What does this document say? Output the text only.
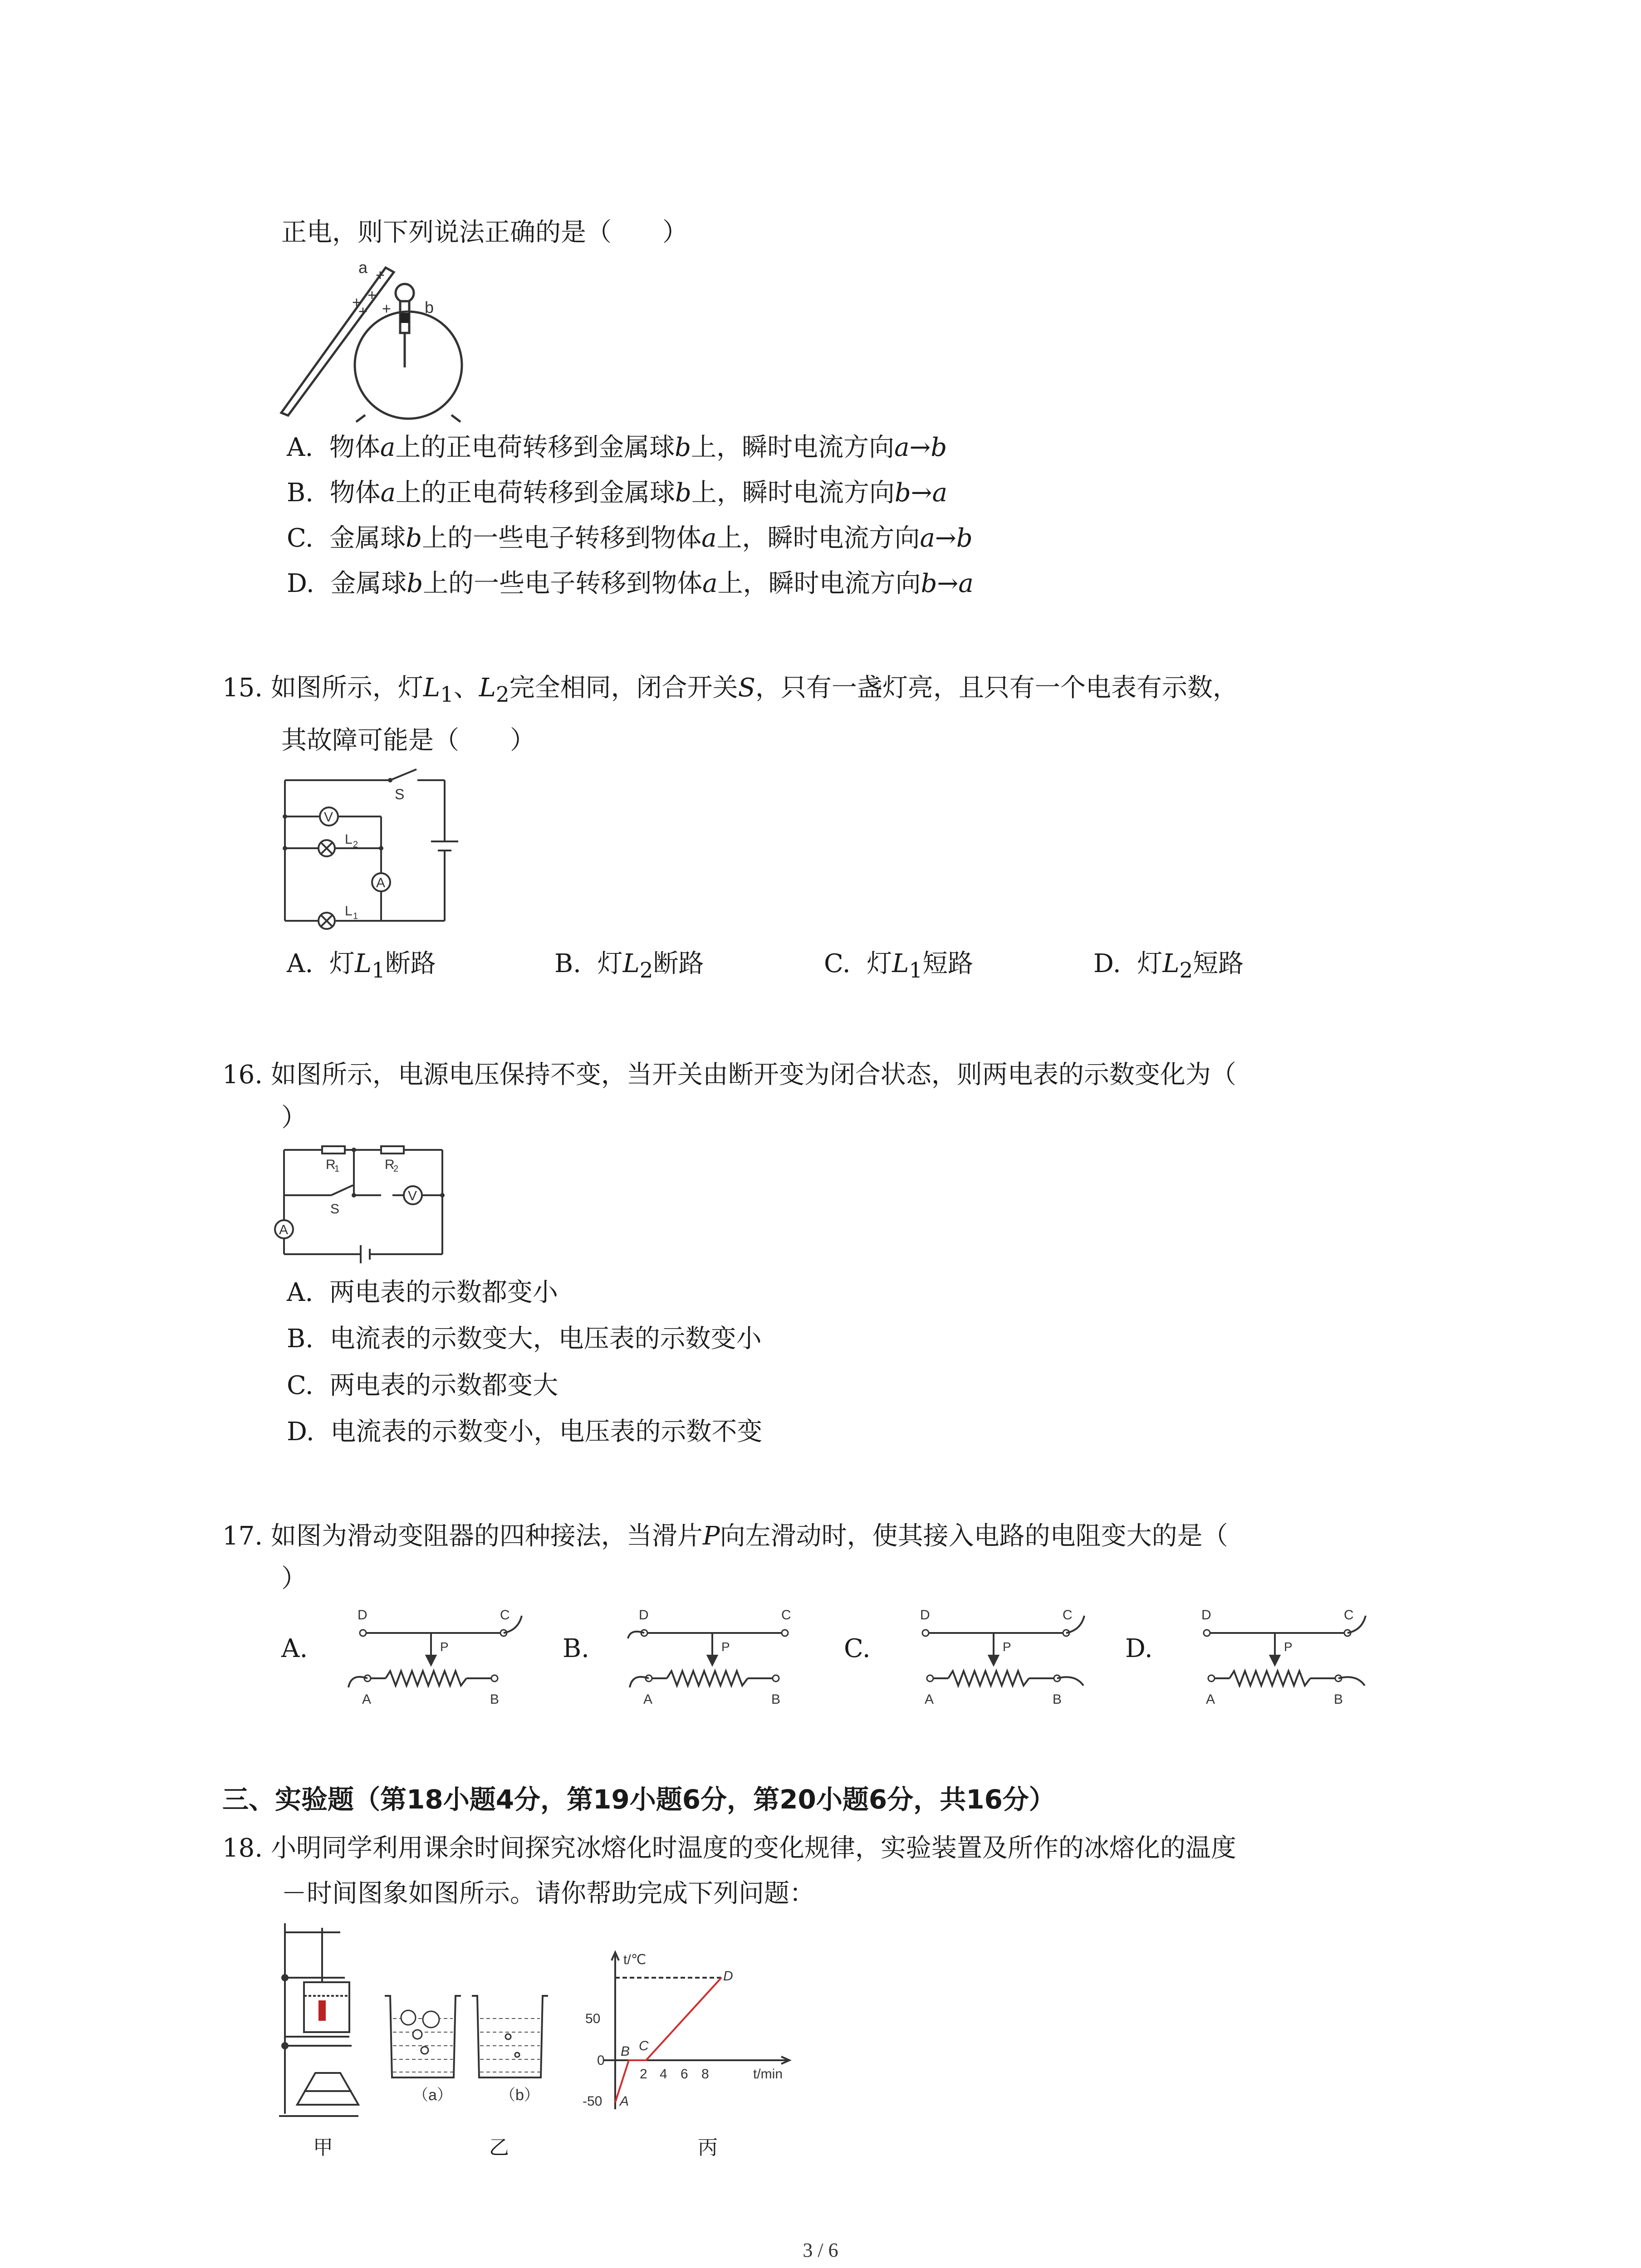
正电，则下列说法正确的是（　　）
a +
+ +
+ + b
A. 物体a上的正电荷转移到金属球b上，瞬时电流方向a→b
B. 物体a上的正电荷转移到金属球b上，瞬时电流方向b→a
C. 金属球b上的一些电子转移到物体a上，瞬时电流方向a→b
D. 金属球b上的一些电子转移到物体a上，瞬时电流方向b→a
15. 如图所示，灯$L_1$、$L_2$完全相同，闭合开关S，只有一盏灯亮，且只有一个电表有示数，
其故障可能是（　　）
S
V
L 2
A
L 1
A. 灯$L_1$断路	B. 灯$L_2$断路	C. 灯$L_1$短路	D. 灯$L_2$短路
16. 如图所示，电源电压保持不变，当开关由断开变为闭合状态，则两电表的示数变化为（
）
R
1	R
2
V
A
S
A. 两电表的示数都变小
B. 电流表的示数变大，电压表的示数变小
C. 两电表的示数都变大
D. 电流表的示数变小，电压表的示数不变
17. 如图为滑动变阻器的四种接法，当滑片P向左滑动时，使其接入电路的电阻变大的是（
）
A.
D	C
P
A	B
B.
D	C
P
A	B
C.
D	C
P
A	B
D.
D	C
P
A	B
三、实验题（第18小题4分，第19小题6分，第20小题6分，共16分）
18. 小明同学利用课余时间探究冰熔化时温度的变化规律，实验装置及所作的冰熔化的温度
－时间图象如图所示。请你帮助完成下列问题：
甲
（a）	（b）
乙
t/℃
t/min
50
0
-50
2 4 6 8
A
B C
D
丙
3 / 6
